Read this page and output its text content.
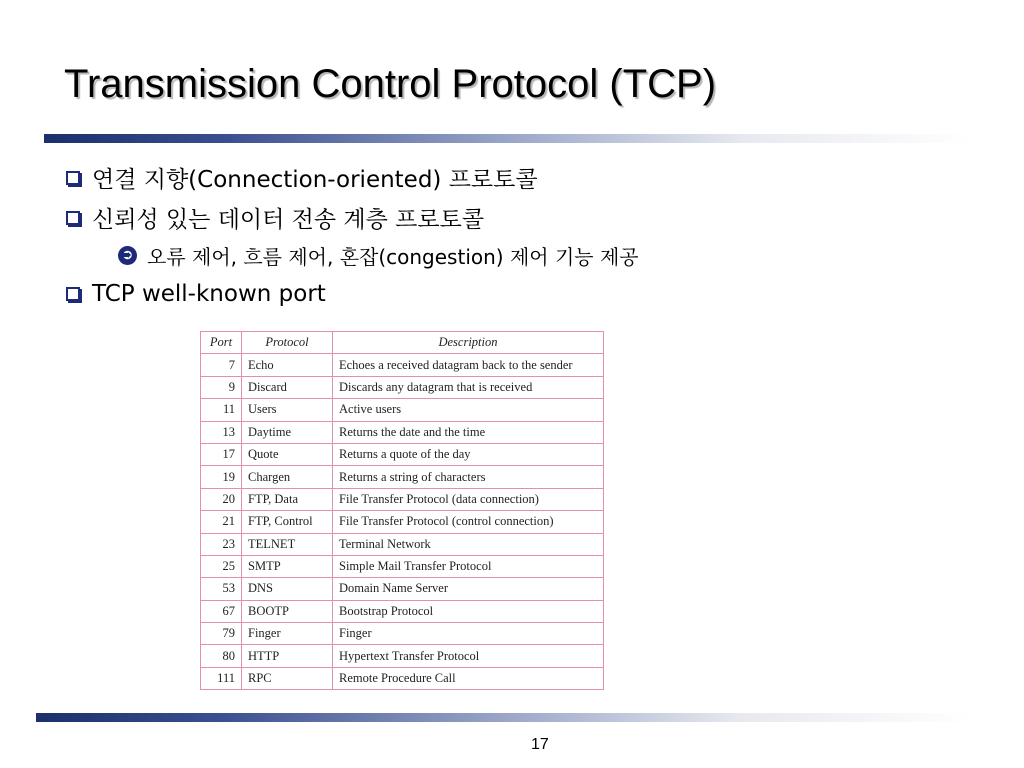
Transmission Control Protocol (TCP)
연결 지향(Connection-oriented) 프로토콜
신뢰성 있는 데이터 전송 계층 프로토콜
➲ 오류 제어, 흐름 제어, 혼잡(congestion) 제어 기능 제공
TCP well-known port
Port	Protocol	Description
7	Echo	Echoes a received datagram back to the sender
9	Discard	Discards any datagram that is received
11	Users	Active users
13	Daytime	Returns the date and the time
17	Quote	Returns a quote of the day
19	Chargen	Returns a string of characters
20	FTP, Data	File Transfer Protocol (data connection)
21	FTP, Control	File Transfer Protocol (control connection)
23	TELNET	Terminal Network
25	SMTP	Simple Mail Transfer Protocol
53	DNS	Domain Name Server
67	BOOTP	Bootstrap Protocol
79	Finger	Finger
80	HTTP	Hypertext Transfer Protocol
111	RPC	Remote Procedure Call
17
